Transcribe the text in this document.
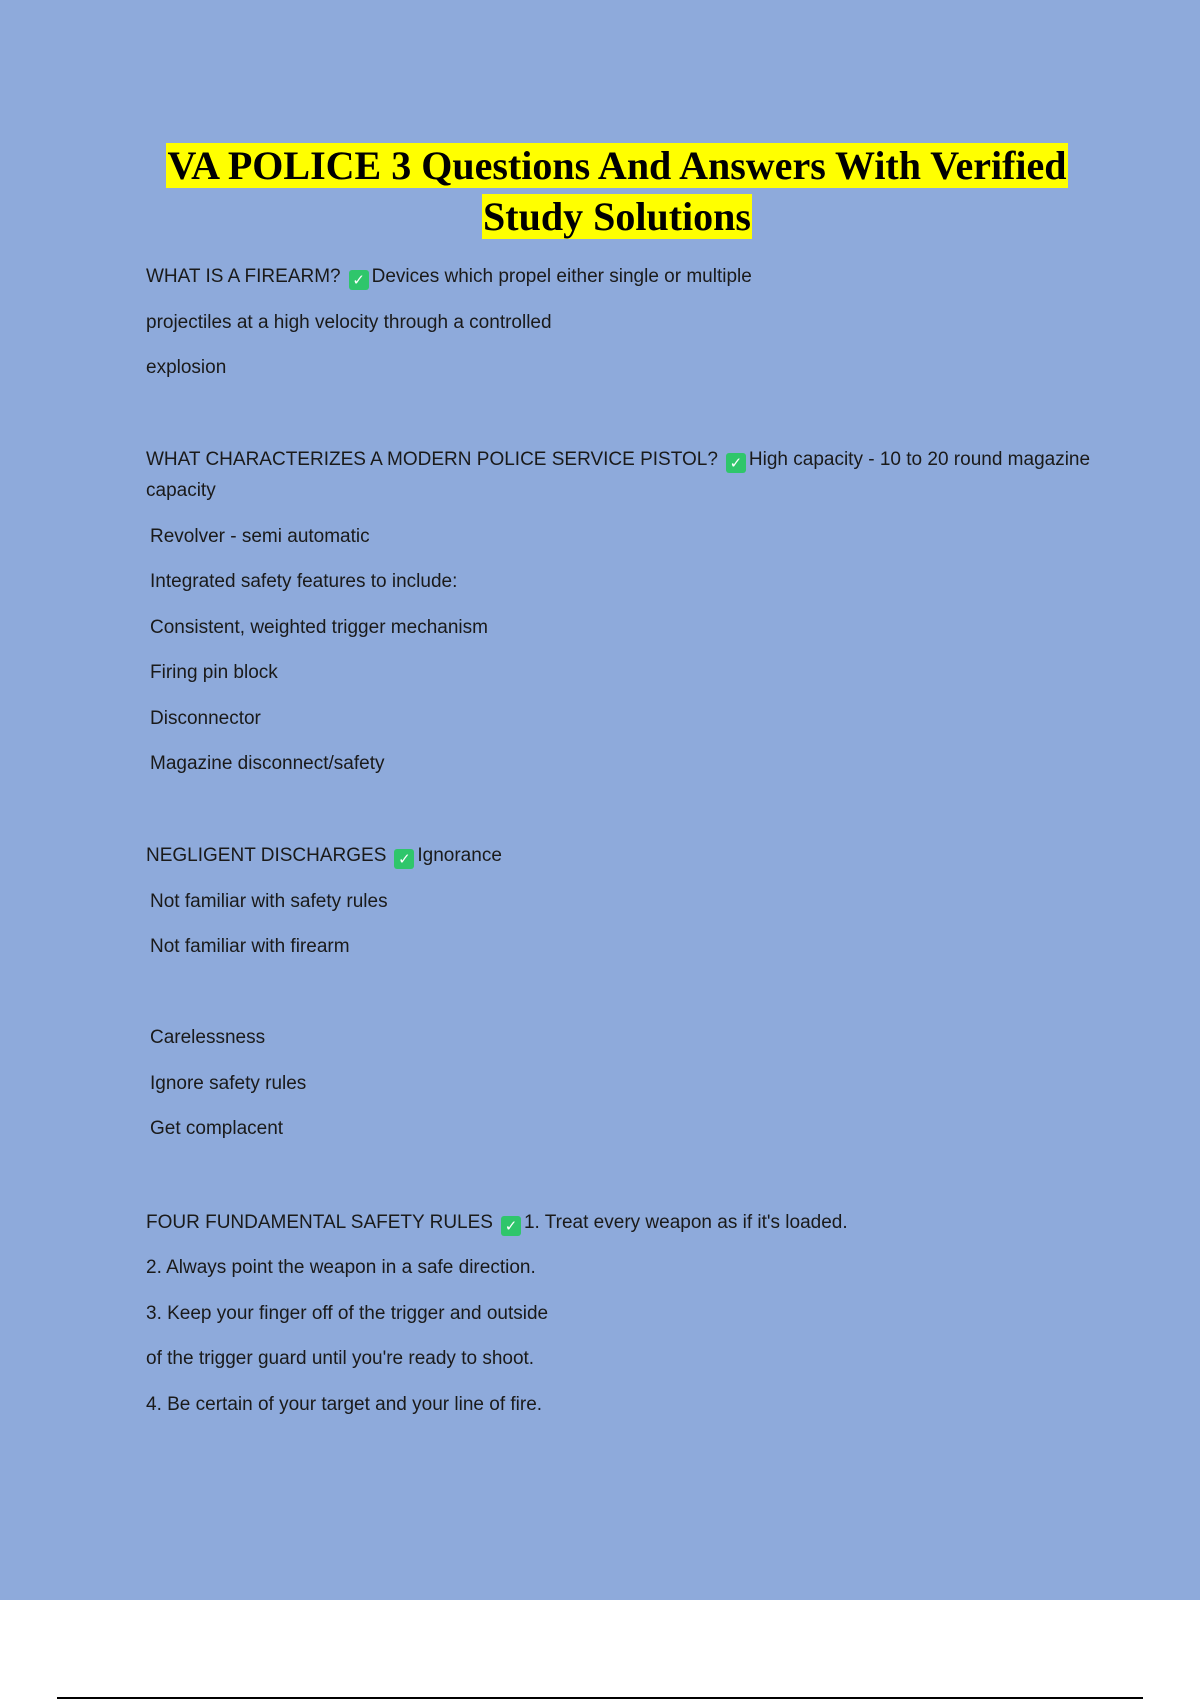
VA POLICE 3 Questions And Answers With Verified
Study Solutions
WHAT IS A FIREARM? ✓ Devices which propel either single or multiple
projectiles at a high velocity through a controlled
explosion
WHAT CHARACTERIZES A MODERN POLICE SERVICE PISTOL? ✓ High capacity - 10 to 20 round magazine
capacity
Revolver - semi automatic
Integrated safety features to include:
Consistent, weighted trigger mechanism
Firing pin block
Disconnector
Magazine disconnect/safety
NEGLIGENT DISCHARGES ✓ Ignorance
Not familiar with safety rules
Not familiar with firearm
Carelessness
Ignore safety rules
Get complacent
FOUR FUNDAMENTAL SAFETY RULES ✓ 1. Treat every weapon as if it's loaded.
2. Always point the weapon in a safe direction.
3. Keep your finger off of the trigger and outside
of the trigger guard until you're ready to shoot.
4. Be certain of your target and your line of fire.
